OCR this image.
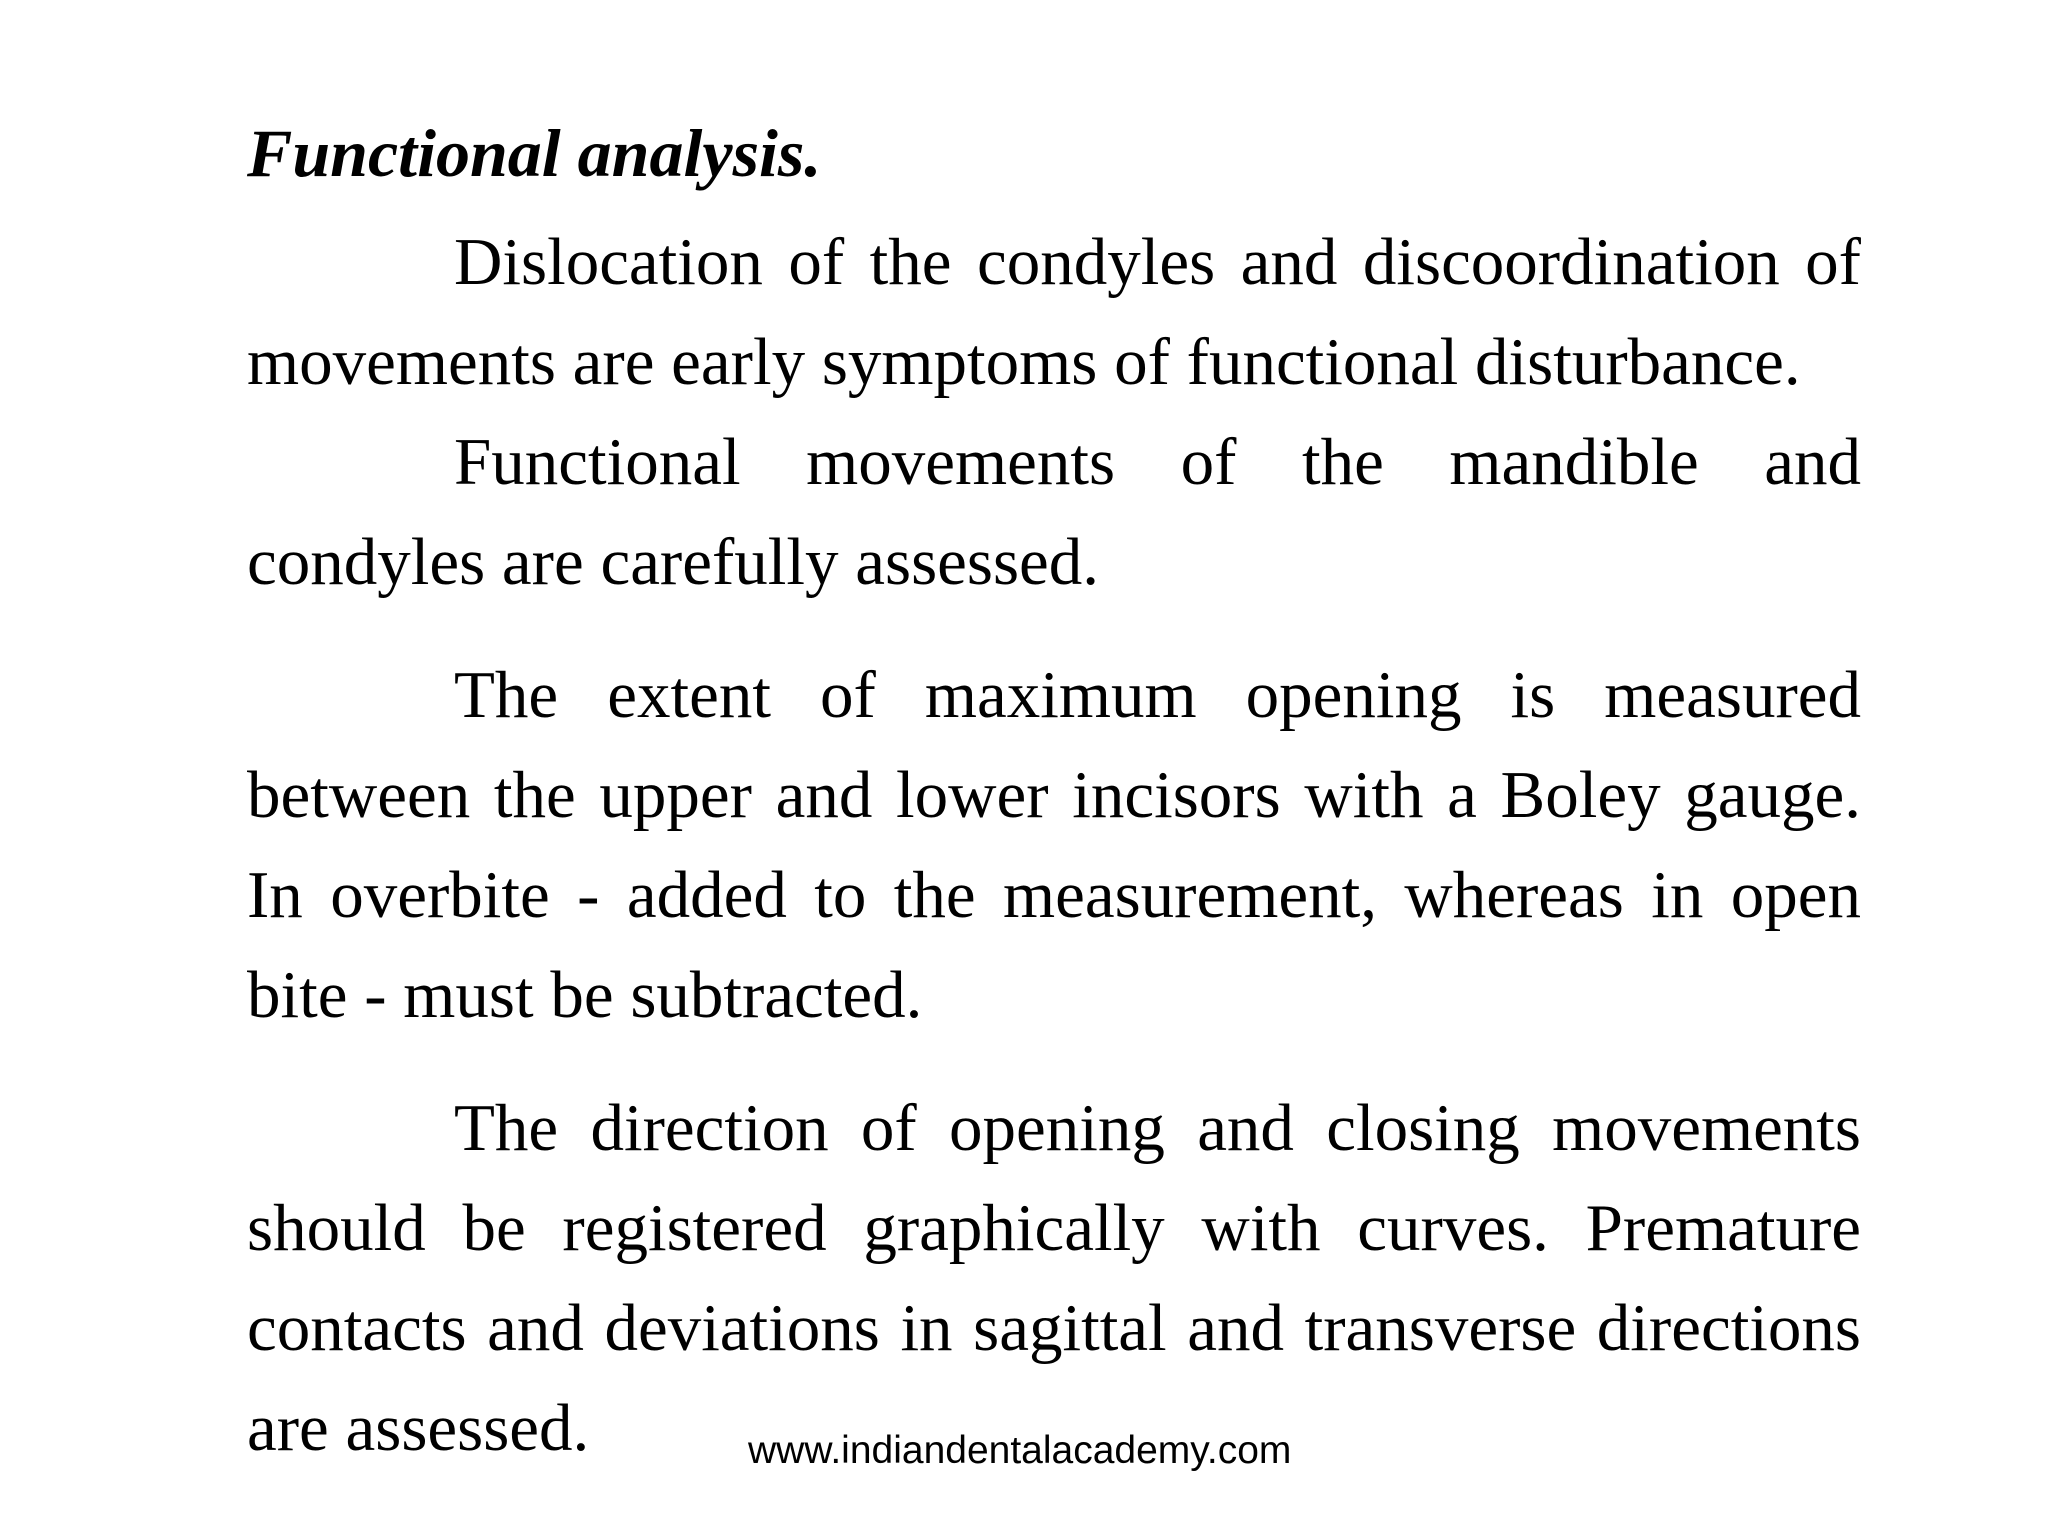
Functional analysis.

Dislocation of the condyles and discoordination of movements are early symptoms of functional disturbance.

Functional movements of the mandible and condyles are carefully assessed.

The extent of maximum opening is measured between the upper and lower incisors with a Boley gauge. In overbite - added to the measurement, whereas in open bite - must be subtracted.

The direction of opening and closing movements should be registered graphically with curves. Premature contacts and deviations in sagittal and transverse directions are assessed.	www.indiandentalacademy.com
